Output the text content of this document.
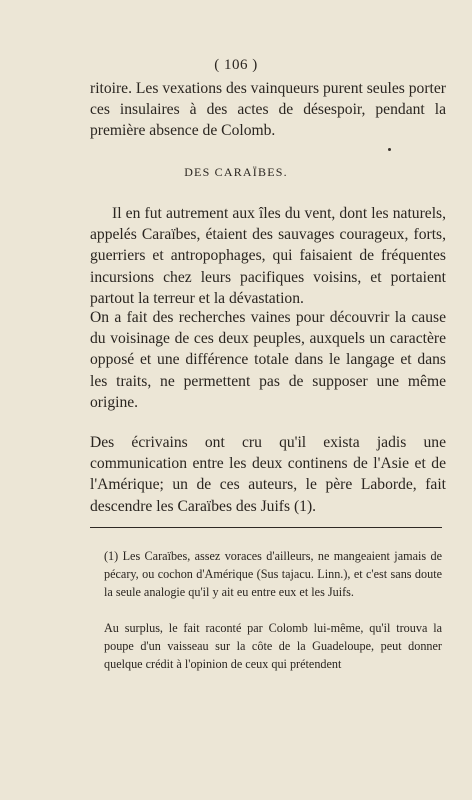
( 106 )
ritoire. Les vexations des vainqueurs purent seules porter ces insulaires à des actes de désespoir, pendant la première absence de Colomb.
DES CARAÏBES.
Il en fut autrement aux îles du vent, dont les naturels, appelés Caraïbes, étaient des sauvages courageux, forts, guerriers et antropophages, qui faisaient de fréquentes incursions chez leurs pacifiques voisins, et portaient partout la terreur et la dévastation.
On a fait des recherches vaines pour découvrir la cause du voisinage de ces deux peuples, auxquels un caractère opposé et une différence totale dans le langage et dans les traits, ne permettent pas de supposer une même origine.
Des écrivains ont cru qu'il exista jadis une communication entre les deux continens de l'Asie et de l'Amérique; un de ces auteurs, le père Laborde, fait descendre les Caraïbes des Juifs (1).
(1) Les Caraïbes, assez voraces d'ailleurs, ne mangeaient jamais de pécary, ou cochon d'Amérique (Sus tajacu. Linn.), et c'est sans doute la seule analogie qu'il y ait eu entre eux et les Juifs.
Au surplus, le fait raconté par Colomb lui-même, qu'il trouva la poupe d'un vaisseau sur la côte de la Guadeloupe, peut donner quelque crédit à l'opinion de ceux qui prétendent
